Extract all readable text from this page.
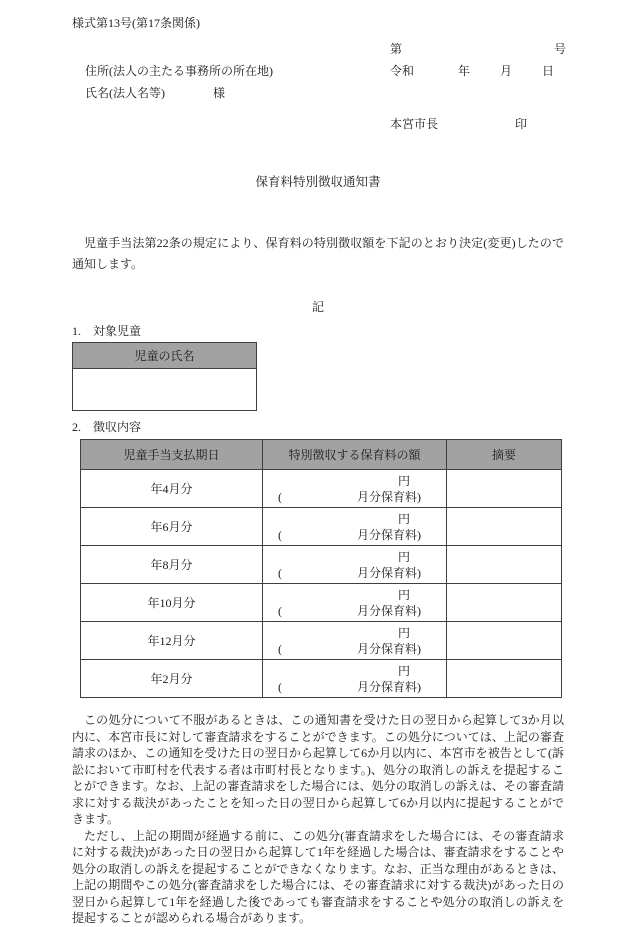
様式第13号(第17条関係)
住所(法人の主たる事務所の所在地)
氏名(法人名等)	様
第	号
令和	年	月	日
本宮市長	印
保育料特別徴収通知書

児童手当法第22条の規定により、保育料の特別徴収額を下記のとおり決定(変更)したので通知します。

記
1.　対象児童
児童の氏名

2.　徴収内容
児童手当支払期日	特別徴収する保育料の額	摘要
年4月分	円
( 月分保育料)	

年6月分	円
( 月分保育料)	

年8月分	円
( 月分保育料)	

年10月分	円
( 月分保育料)	

年12月分	円
( 月分保育料)	

年2月分	円
( 月分保育料)	

この処分について不服があるときは、この通知書を受けた日の翌日から起算して3か月以内に、本宮市長に対して審査請求をすることができます。この処分については、上記の審査請求のほか、この通知を受けた日の翌日から起算して6か月以内に、本宮市を被告として(訴訟において市町村を代表する者は市町村長となります。)、処分の取消しの訴えを提起することができます。なお、上記の審査請求をした場合には、処分の取消しの訴えは、その審査請求に対する裁決があったことを知った日の翌日から起算して6か月以内に提起することができます。

ただし、上記の期間が経過する前に、この処分(審査請求をした場合には、その審査請求に対する裁決)があった日の翌日から起算して1年を経過した場合は、審査請求をすることや処分の取消しの訴えを提起することができなくなります。なお、正当な理由があるときは、上記の期間やこの処分(審査請求をした場合には、その審査請求に対する裁決)があった日の翌日から起算して1年を経過した後であっても審査請求をすることや処分の取消しの訴えを提起することが認められる場合があります。
